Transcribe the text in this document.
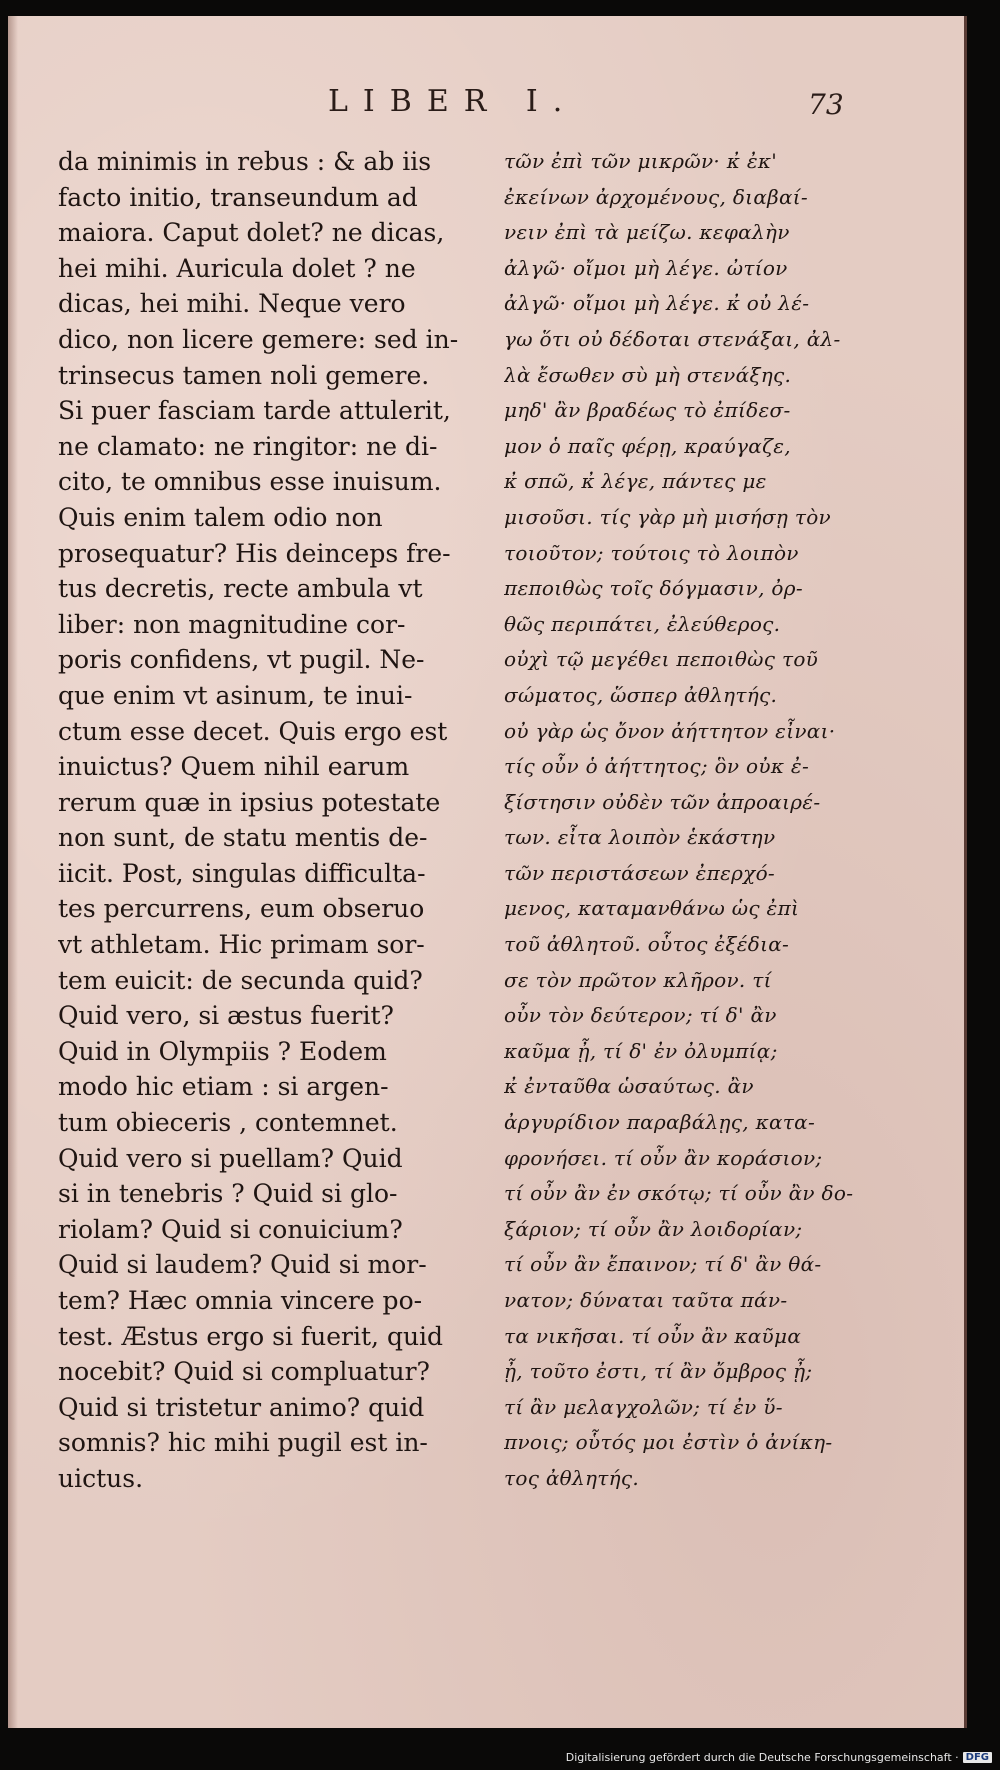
LIBER I.	73
da minimis in rebus : & ab iis
facto initio, transeundum ad
maiora. Caput dolet? ne dicas,
hei mihi. Auricula dolet ? ne
dicas, hei mihi. Neque vero
dico, non licere gemere: sed in-
trinsecus tamen noli gemere.
Si puer fasciam tarde attulerit,
ne clamato: ne ringitor: ne di-
cito, te omnibus esse inuisum.
Quis enim talem odio non
prosequatur? His deinceps fre-
tus decretis, recte ambula vt
liber: non magnitudine cor-
poris confidens, vt pugil. Ne-
que enim vt asinum, te inui-
ctum esse decet. Quis ergo est
inuictus? Quem nihil earum
rerum quæ in ipsius potestate
non sunt, de statu mentis de-
iicit. Post, singulas difficulta-
tes percurrens, eum obseruo
vt athletam. Hic primam sor-
tem euicit: de secunda quid?
Quid vero, si æstus fuerit?
Quid in Olympiis ? Eodem
modo hic etiam : si argen-
tum obieceris , contemnet.
Quid vero si puellam? Quid
si in tenebris ? Quid si glo-
riolam? Quid si conuicium?
Quid si laudem? Quid si mor-
tem? Hæc omnia vincere po-
test. Æstus ergo si fuerit, quid
nocebit? Quid si compluatur?
Quid si tristetur animo? quid
somnis? hic mihi pugil est in-
uictus.
τῶν ἐπὶ τῶν μικρῶν· κ̓ ἐκ'
ἐκείνων ἀρχομένους, διαβαί-
νειν ἐπὶ τὰ μείζω. κεφαλὴν
ἀλγῶ· οἴμοι μὴ λέγε. ὠτίον
ἀλγῶ· οἴμοι μὴ λέγε. κ̓ οὐ λέ-
γω ὅτι οὐ δέδοται στενάξαι, ἀλ-
λὰ ἔσωθεν σὺ μὴ στενάξης.
μηδ' ἂν βραδέως τὸ ἐπίδεσ-
μον ὁ παῖς φέρῃ, κραύγαζε,
κ̓ σπῶ, κ̓ λέγε, πάντες με
μισοῦσι. τίς γὰρ μὴ μισήσῃ τὸν
τοιοῦτον; τούτοις τὸ λοιπὸν
πεποιθὼς τοῖς δόγμασιν, ὀρ-
θῶς περιπάτει, ἐλεύθερος.
οὐχὶ τῷ μεγέθει πεποιθὼς τοῦ
σώματος, ὥσπερ ἀθλητής.
οὐ γὰρ ὡς ὄνον ἀήττητον εἶναι·
τίς οὖν ὁ ἀήττητος; ὃν οὐκ ἐ-
ξίστησιν οὐδὲν τῶν ἀπροαιρέ-
των. εἶτα λοιπὸν ἑκάστην
τῶν περιστάσεων ἐπερχό-
μενος, καταμανθάνω ὡς ἐπὶ
τοῦ ἀθλητοῦ. οὗτος ἐξέδια-
σε τὸν πρῶτον κλῆρον. τί
οὖν τὸν δεύτερον; τί δ' ἂν
καῦμα ᾖ, τί δ' ἐν ὀλυμπίᾳ;
κ̓ ἐνταῦθα ὡσαύτως. ἂν
ἀργυρίδιον παραβάλῃς, κατα-
φρονήσει. τί οὖν ἂν κοράσιον;
τί οὖν ἂν ἐν σκότῳ; τί οὖν ἂν δο-
ξάριον; τί οὖν ἂν λοιδορίαν;
τί οὖν ἂν ἔπαινον; τί δ' ἂν θά-
νατον; δύναται ταῦτα πάν-
τα νικῆσαι. τί οὖν ἂν καῦμα
ᾖ, τοῦτο ἐστι, τί ἂν ὄμβρος ᾖ;
τί ἂν μελαγχολῶν; τί ἐν ὕ-
πνοις; οὗτός μοι ἐστὶν ὁ ἀνίκη-
τος ἀθλητής.
Digitalisierung gefördert durch die Deutsche Forschungsgemeinschaft · DFG
